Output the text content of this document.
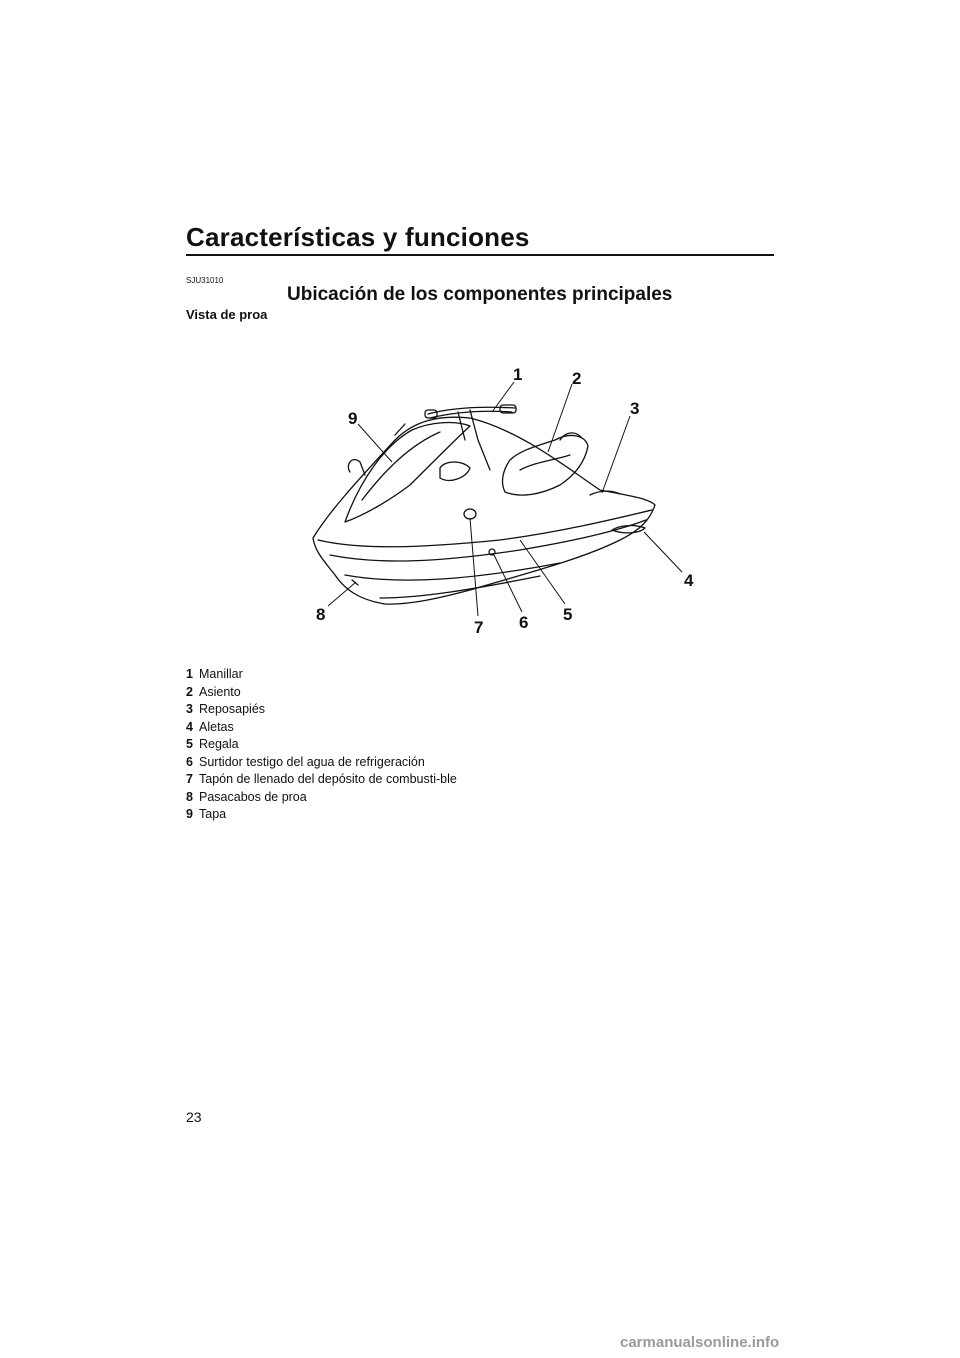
Características y funciones
SJU31010
Ubicación de los componentes principales
Vista de proa
1	2
3
4
5
6
7
8
9
1 Manillar
2 Asiento
3 Reposapiés
4 Aletas
5 Regala
6 Surtidor testigo del agua de refrigeración
7 Tapón de llenado del depósito de combusti-ble
8 Pasacabos de proa
9 Tapa
23
carmanualsonline.info
